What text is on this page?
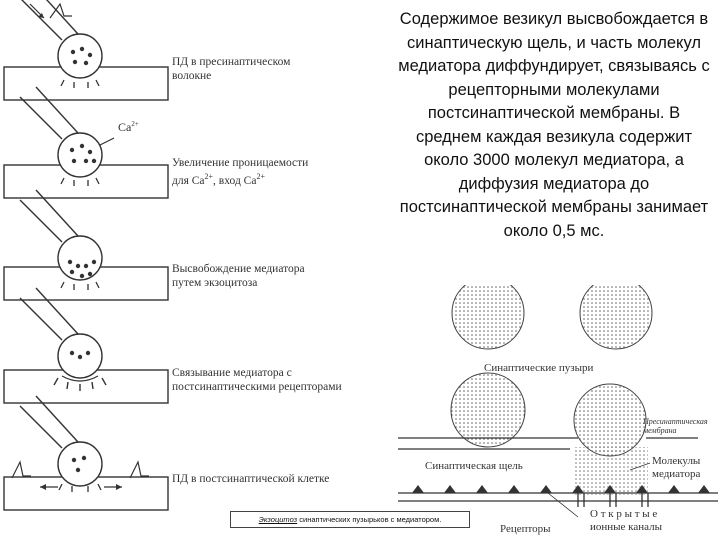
ПД в пресинаптическом
волокне
$Ca^{2+}$
Увеличение проницаемости
для $Ca^{2+}$, вход $Ca^{2+}$
Высвобождение медиатора
путем экзоцитоза
Связывание медиатора с
постсинаптическими рецепторами
ПД в постсинаптической клетке
Содержимое везикул высвобождается в синаптическую щель, и часть молекул медиатора диффундирует, связываясь с рецепторными молекулами постсинаптической мембраны. В среднем каждая везикула содержит около 3000 молекул медиатора, а диффузия медиатора до постсинаптической мембраны занимает около 0,5 мс.
Синаптические пузыри
Пресинаптическая
мембрана
Синаптическая щель	Молекулы
медиатора
Рецепторы
О т к р ы т ы е
ионные каналы
Экзоцитоз синаптических пузырьков с медиатором.
